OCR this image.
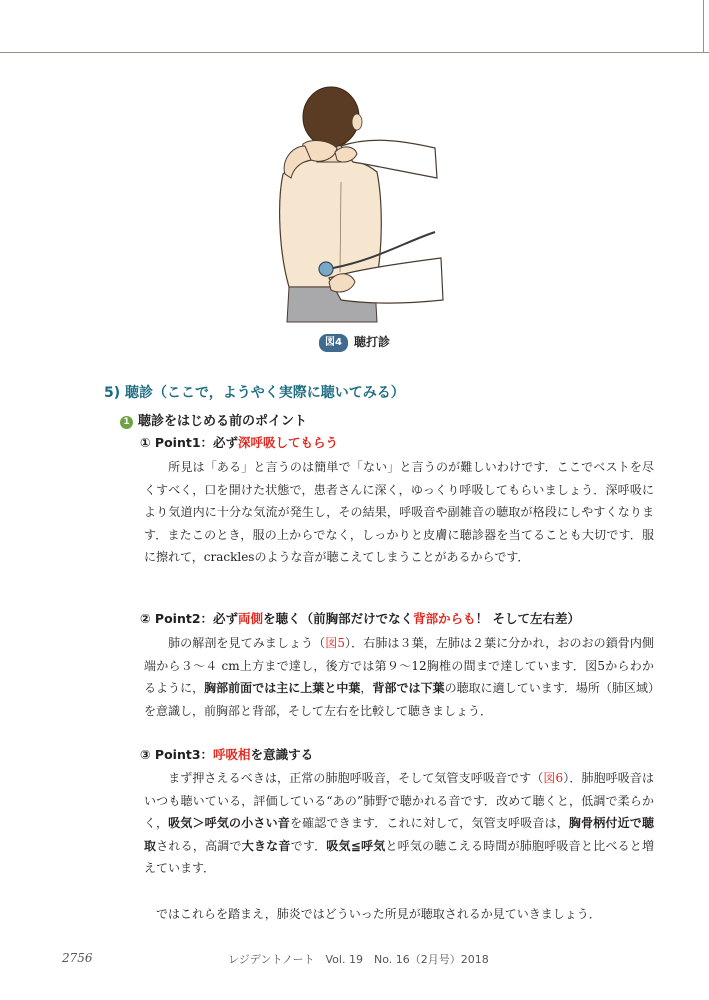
図4 聴打診
5) 聴診（ここで，ようやく実際に聴いてみる）
1 聴診をはじめる前のポイント
① Point1：必ず深呼吸してもらう

所見は「ある」と言うのは簡単で「ない」と言うのが難しいわけです．ここでベストを尽くすべく，口を開けた状態で，患者さんに深く，ゆっくり呼吸してもらいましょう．深呼吸により気道内に十分な気流が発生し，その結果，呼吸音や副雑音の聴取が格段にしやすくなります．またこのとき，服の上からでなく，しっかりと皮膚に聴診器を当てることも大切です．服に擦れて，cracklesのような音が聴こえてしまうことがあるからです．

② Point2：必ず両側を聴く（前胸部だけでなく背部からも！ そして左右差）

肺の解剖を見てみましょう（図5）．右肺は３葉，左肺は２葉に分かれ，おのおの鎖骨内側端から３〜４ cm上方まで達し，後方では第９〜12胸椎の間まで達しています．図5からわかるように，胸部前面では主に上葉と中葉，背部では下葉の聴取に適しています．場所（肺区域）を意識し，前胸部と背部，そして左右を比較して聴きましょう．

③ Point3：呼吸相を意識する

まず押さえるべきは，正常の肺胞呼吸音，そして気管支呼吸音です（図6）．肺胞呼吸音はいつも聴いている，評価している“あの”肺野で聴かれる音です．改めて聴くと，低調で柔らかく，吸気＞呼気の小さい音を確認できます．これに対して，気管支呼吸音は，胸骨柄付近で聴取される，高調で大きな音です．吸気≦呼気と呼気の聴こえる時間が肺胞呼吸音と比べると増えています．

ではこれらを踏まえ，肺炎ではどういった所見が聴取されるか見ていきましょう．
2756	レジデントノート　Vol. 19　No. 16（2月号）2018
